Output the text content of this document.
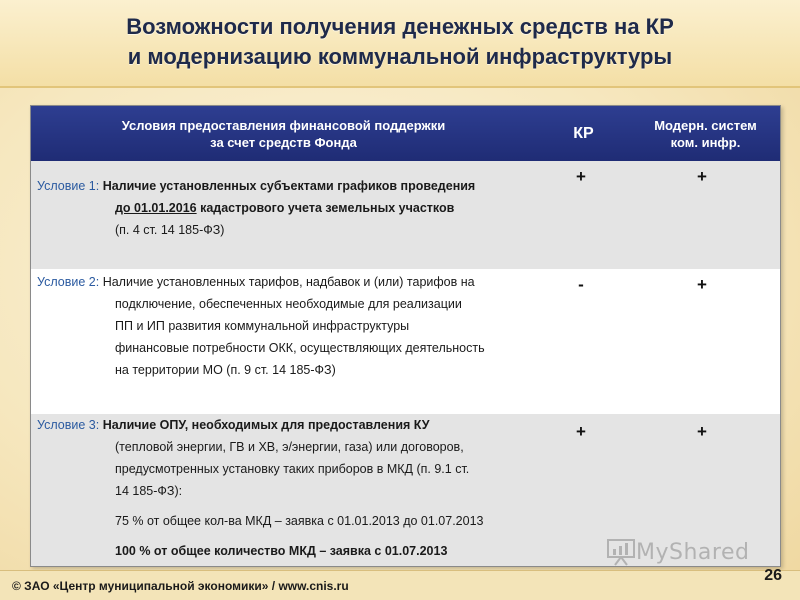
Возможности получения денежных средств на КР
и модернизацию коммунальной инфраструктуры
Условия предоставления финансовой поддержки
за счет средств Фонда	КР	Модерн. систем
ком. инфр.
Условие 1: Наличие установленных субъектами графиков проведения
до 01.01.2016 кадастрового учета земельных участков
(п. 4 ст. 14 185-ФЗ)
+	+
Условие 2: Наличие установленных тарифов, надбавок и (или) тарифов на
подключение, обеспеченных необходимые для реализации
ПП и ИП развития коммунальной инфраструктуры
финансовые потребности ОКК, осуществляющих деятельность
на территории МО (п. 9 ст. 14 185-ФЗ)
-	+
Условие 3: Наличие ОПУ, необходимых для предоставления КУ
(тепловой энергии, ГВ и ХВ, э/энергии, газа) или договоров,
предусмотренных установку таких приборов в МКД (п. 9.1 ст.
14 185-ФЗ):
75 % от общее кол-ва МКД – заявка с 01.01.2013 до 01.07.2013
100 % от общее количество МКД – заявка с 01.07.2013
+	+
MyShared
© ЗАО «Центр муниципальной экономики» / www.cnis.ru
26
